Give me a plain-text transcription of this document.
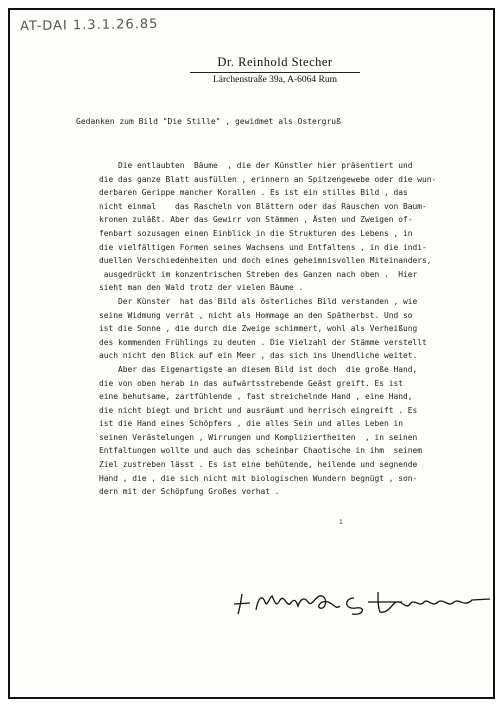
AT-DAI 1.3.1.26.85
Dr. Reinhold Stecher
Lärchenstraße 39a, A-6064 Rum
Gedanken zum Bild "Die Stille" , gewidmet als Ostergruß
Die entlaubten  Bäume  , die der Künstler hier präsentiert und
die das ganze Blatt ausfüllen , erinnern an Spitzengewebe oder die wun-
derbaren Gerippe mancher Korallen . Es ist ein stilles Bild , das
nicht einmal    das Rascheln von Blättern oder das Rauschen von Baum-
kronen zuläßt. Aber das Gewirr von Stämmen , Ästen und Zweigen of-
fenbart sozusagen einen Einblick in die Strukturen des Lebens , in
die vielfältigen Formen seines Wachsens und Entfaltens , in die indi-
duellen Verschiedenheiten und doch eines geheimnisvollen Miteinanders,
ausgedrückt im konzentrischen Streben des Ganzen nach oben .  Hier
sieht man den Wald trotz der vielen Bäume .
Der Künster  hat das Bild als österliches Bild verstanden , wie
seine Widmung verrät , nicht als Hommage an den Spätherbst. Und so
ist die Sonne , die durch die Zweige schimmert, wohl als Verheißung
des kommenden Frühlings zu deuten . Die Vielzahl der Stämme verstellt
auch nicht den Blick auf ein Meer , das sich ins Unendliche weitet.
Aber das Eigenartigste an diesem Bild ist doch  die große Hand,
die von oben herab in das aufwärtsstrebende Geäst greift. Es ist
eine behutsame, zartfühlende , fast streichelnde Hand , eine Hand,
die nicht biegt und bricht und ausräumt und herrisch eingreift . Es
ist die Hand eines Schöpfers , die alles Sein und alles Leben in
seinen Verästelungen , Wirrungen und Kompliziertheiten  , in seinen
Entfaltungen wollte und auch das scheinbar Chaotische in ihm  seinem
Ziel zustreben lässt . Es ist eine behütende, heilende und segnende
Hand , die , die sich nicht mit biologischen Wundern begnügt , son-
dern mit der Schöpfung Großes vorhat .
1
